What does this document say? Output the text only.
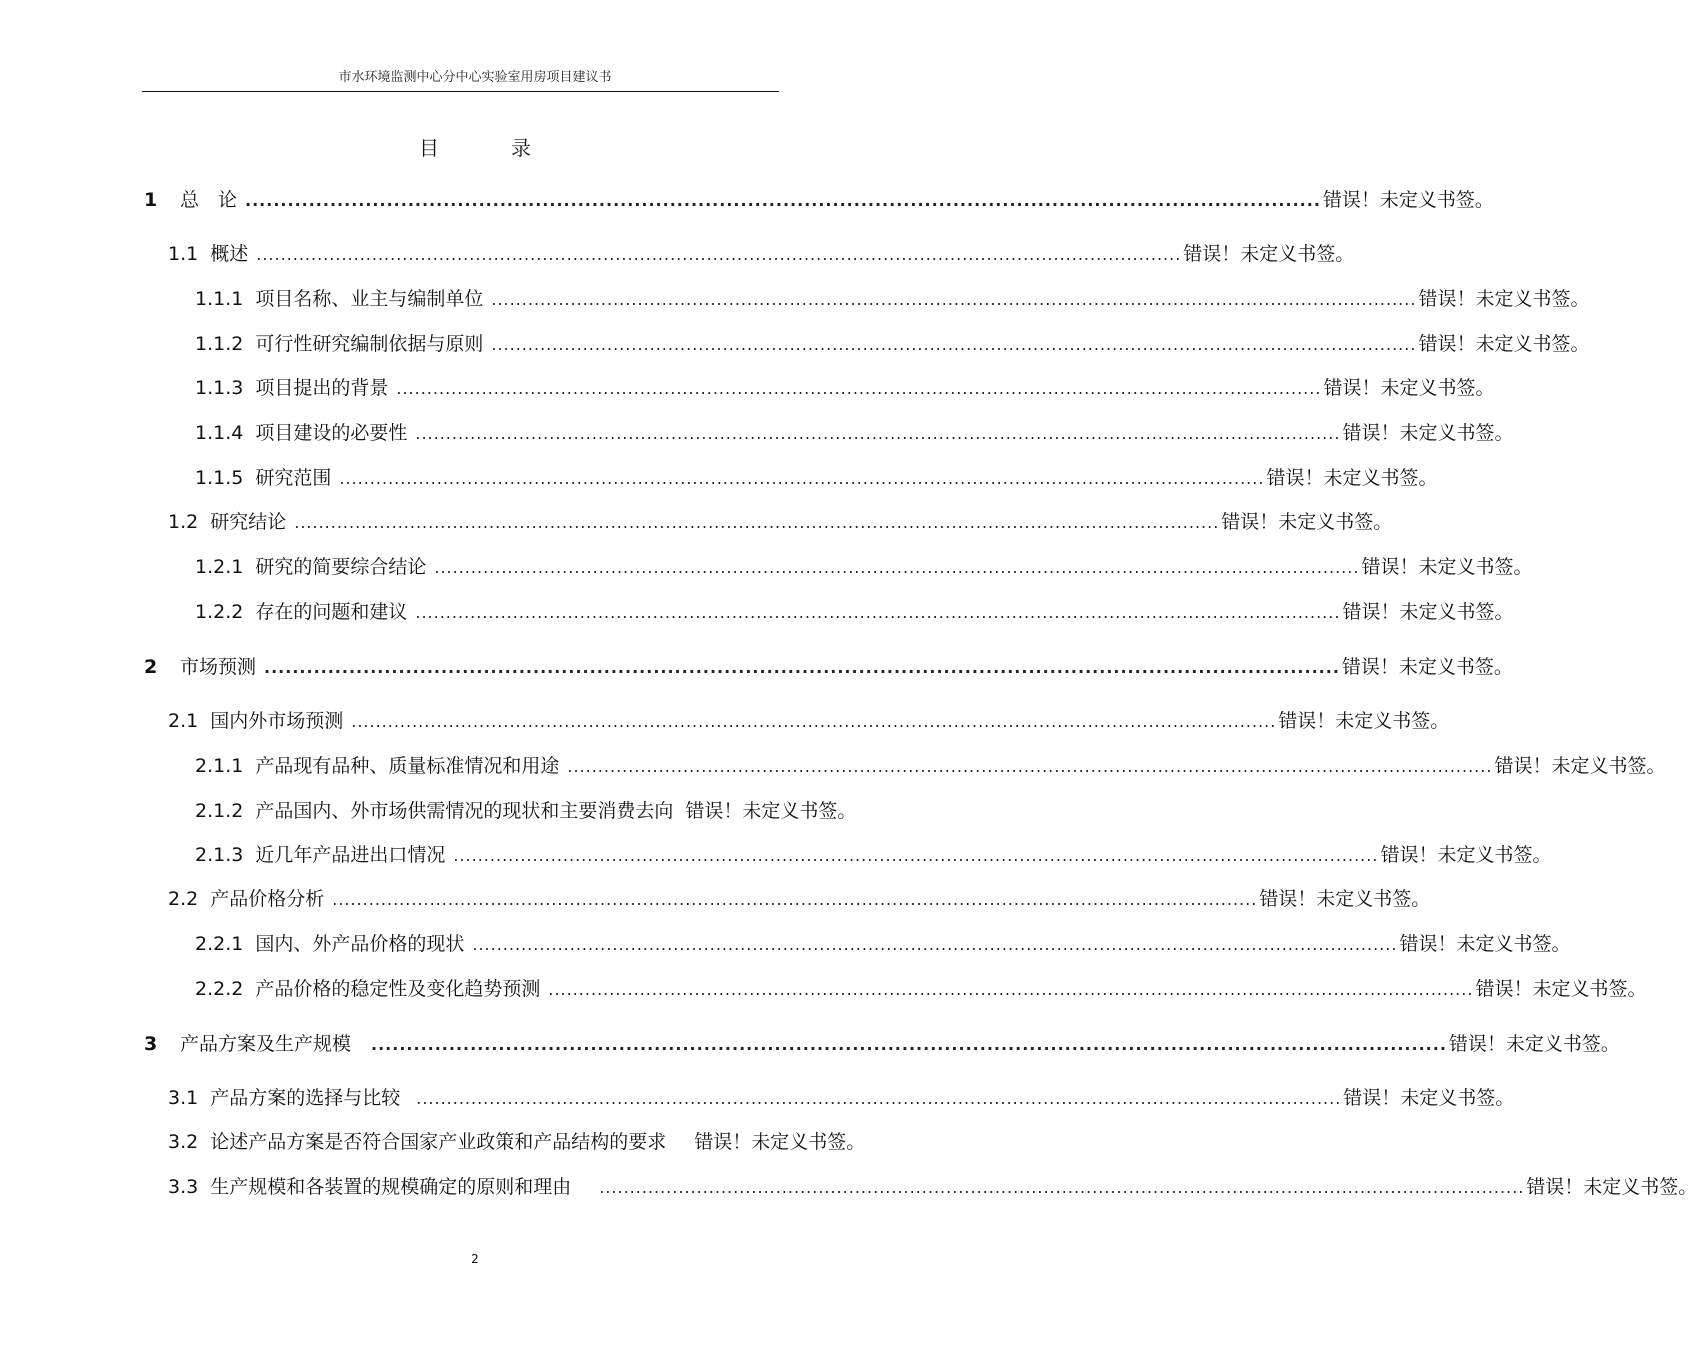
市水环境监测中心分中心实验室用房项目建议书
目　录
1	总　论 ........................................................................................................................................................ 错误！未定义书签。
1.1 概述 ........................................................................................................................................................ 错误！未定义书签。
1.1.1 项目名称、业主与编制单位 ........................................................................................................................................................ 错误！未定义书签。
1.1.2 可行性研究编制依据与原则 ........................................................................................................................................................ 错误！未定义书签。
1.1.3 项目提出的背景 ........................................................................................................................................................ 错误！未定义书签。
1.1.4 项目建设的必要性 ........................................................................................................................................................ 错误！未定义书签。
1.1.5 研究范围 ........................................................................................................................................................ 错误！未定义书签。
1.2 研究结论 ........................................................................................................................................................ 错误！未定义书签。
1.2.1 研究的简要综合结论 ........................................................................................................................................................ 错误！未定义书签。
1.2.2 存在的问题和建议 ........................................................................................................................................................ 错误！未定义书签。
2	市场预测 ........................................................................................................................................................ 错误！未定义书签。
2.1 国内外市场预测 ........................................................................................................................................................ 错误！未定义书签。
2.1.1 产品现有品种、质量标准情况和用途 ........................................................................................................................................................ 错误！未定义书签。
2.1.2 产品国内、外市场供需情况的现状和主要消费去向 错误！未定义书签。
2.1.3 近几年产品进出口情况 ........................................................................................................................................................ 错误！未定义书签。
2.2 产品价格分析 ........................................................................................................................................................ 错误！未定义书签。
2.2.1 国内、外产品价格的现状 ........................................................................................................................................................ 错误！未定义书签。
2.2.2 产品价格的稳定性及变化趋势预测 ........................................................................................................................................................ 错误！未定义书签。
3	产品方案及生产规模 ........................................................................................................................................................ 错误！未定义书签。
3.1 产品方案的选择与比较 ........................................................................................................................................................ 错误！未定义书签。
3.2 论述产品方案是否符合国家产业政策和产品结构的要求 错误！未定义书签。
3.3 生产规模和各装置的规模确定的原则和理由 ........................................................................................................................................................ 错误！未定义书签。
2
